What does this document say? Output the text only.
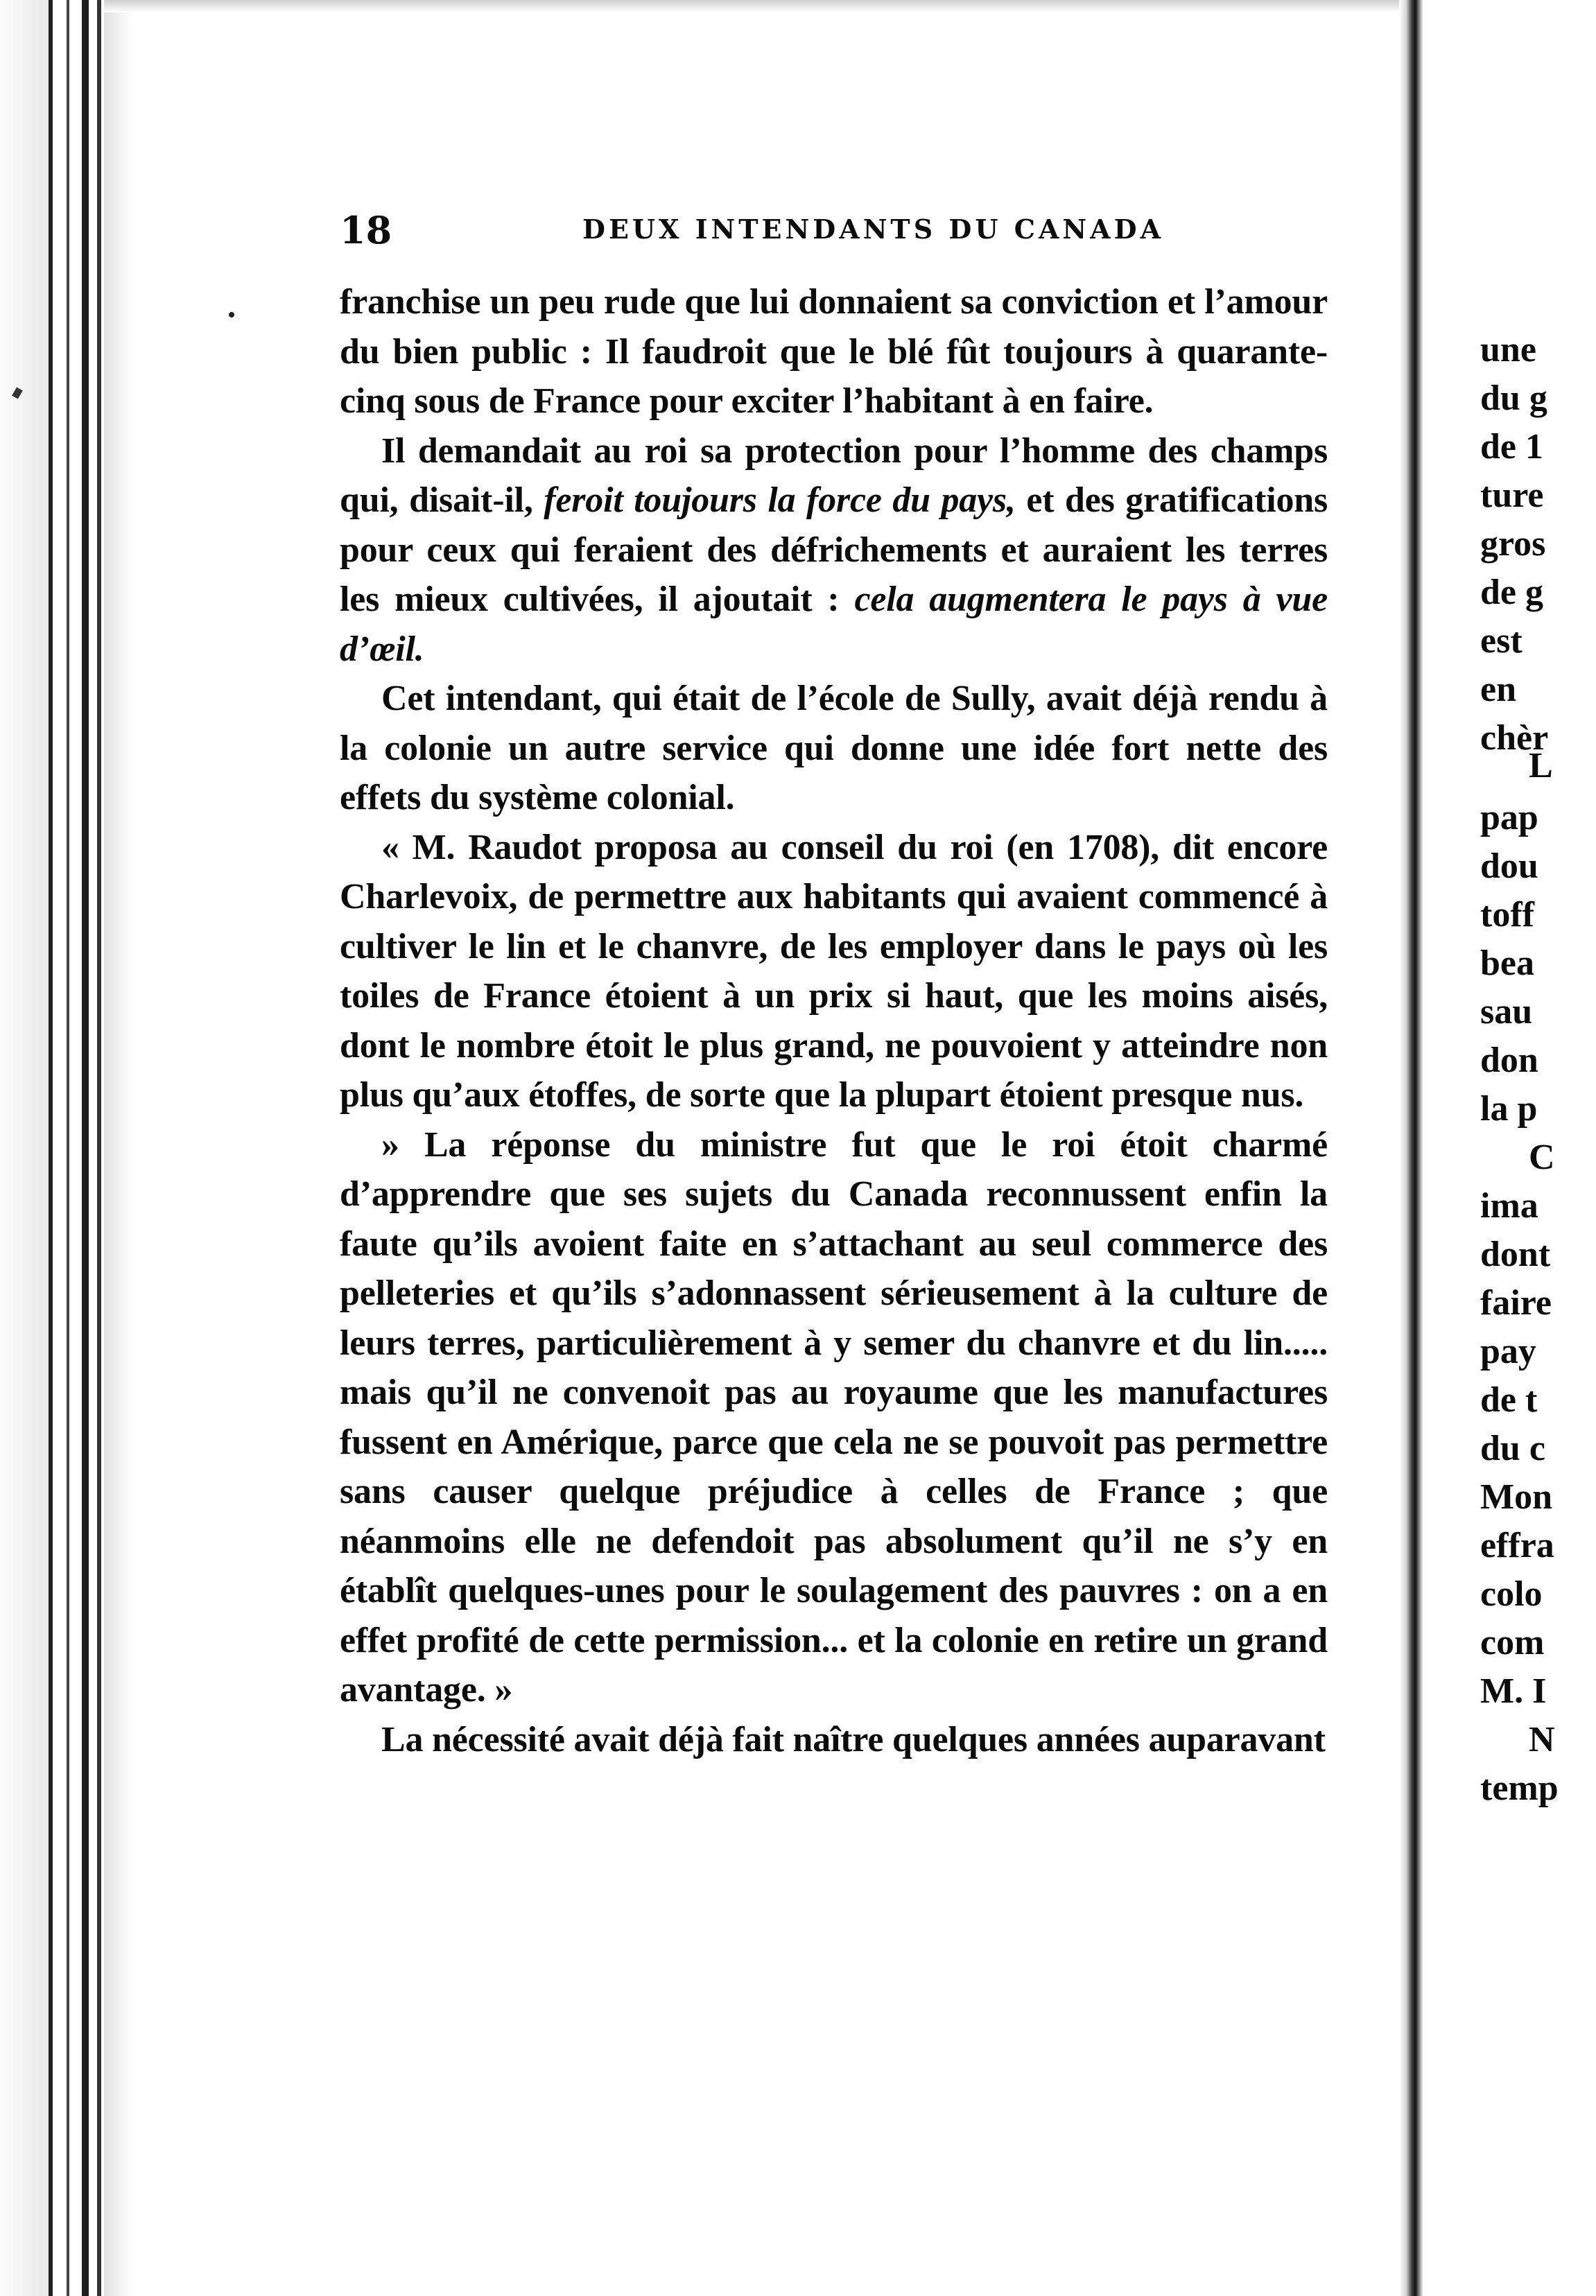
18	DEUX INTENDANTS DU CANADA

franchise un peu rude que lui donnaient sa conviction et l’amour du bien public : Il faudroit que le blé fût toujours à quarante-cinq sous de France pour exciter l’habitant à en faire.

Il demandait au roi sa protection pour l’homme des champs qui, disait-il, feroit toujours la force du pays, et des gratifications pour ceux qui feraient des défrichements et auraient les terres les mieux cultivées, il ajoutait : cela augmentera le pays à vue d’œil.

Cet intendant, qui était de l’école de Sully, avait déjà rendu à la colonie un autre service qui donne une idée fort nette des effets du système colonial.

« M. Raudot proposa au conseil du roi (en 1708), dit encore Charlevoix, de permettre aux habitants qui avaient commencé à cultiver le lin et le chanvre, de les employer dans le pays où les toiles de France étoient à un prix si haut, que les moins aisés, dont le nombre étoit le plus grand, ne pouvoient y atteindre non plus qu’aux étoffes, de sorte que la plupart étoient presque nus.

» La réponse du ministre fut que le roi étoit charmé d’apprendre que ses sujets du Canada reconnussent enfin la faute qu’ils avoient faite en s’attachant au seul commerce des pelleteries et qu’ils s’adonnassent sérieusement à la culture de leurs terres, particulièrement à y semer du chanvre et du lin..... mais qu’il ne convenoit pas au royaume que les manufactures fussent en Amérique, parce que cela ne se pouvoit pas permettre sans causer quelque préjudice à celles de France ; que néanmoins elle ne defendoit pas absolument qu’il ne s’y en établît quelques-unes pour le soulagement des pauvres : on a en effet profité de cette permission... et la colonie en retire un grand avantage. »

La nécessité avait déjà fait naître quelques années auparavant

une
du g
de 1
ture
gros
de g
est
en
chèr
L
pap
dou
toff
bea
sau
don
la p
C
ima
dont
faire
pay
de t
du c
Mon
effra
colo
com
M. I
N
temp
